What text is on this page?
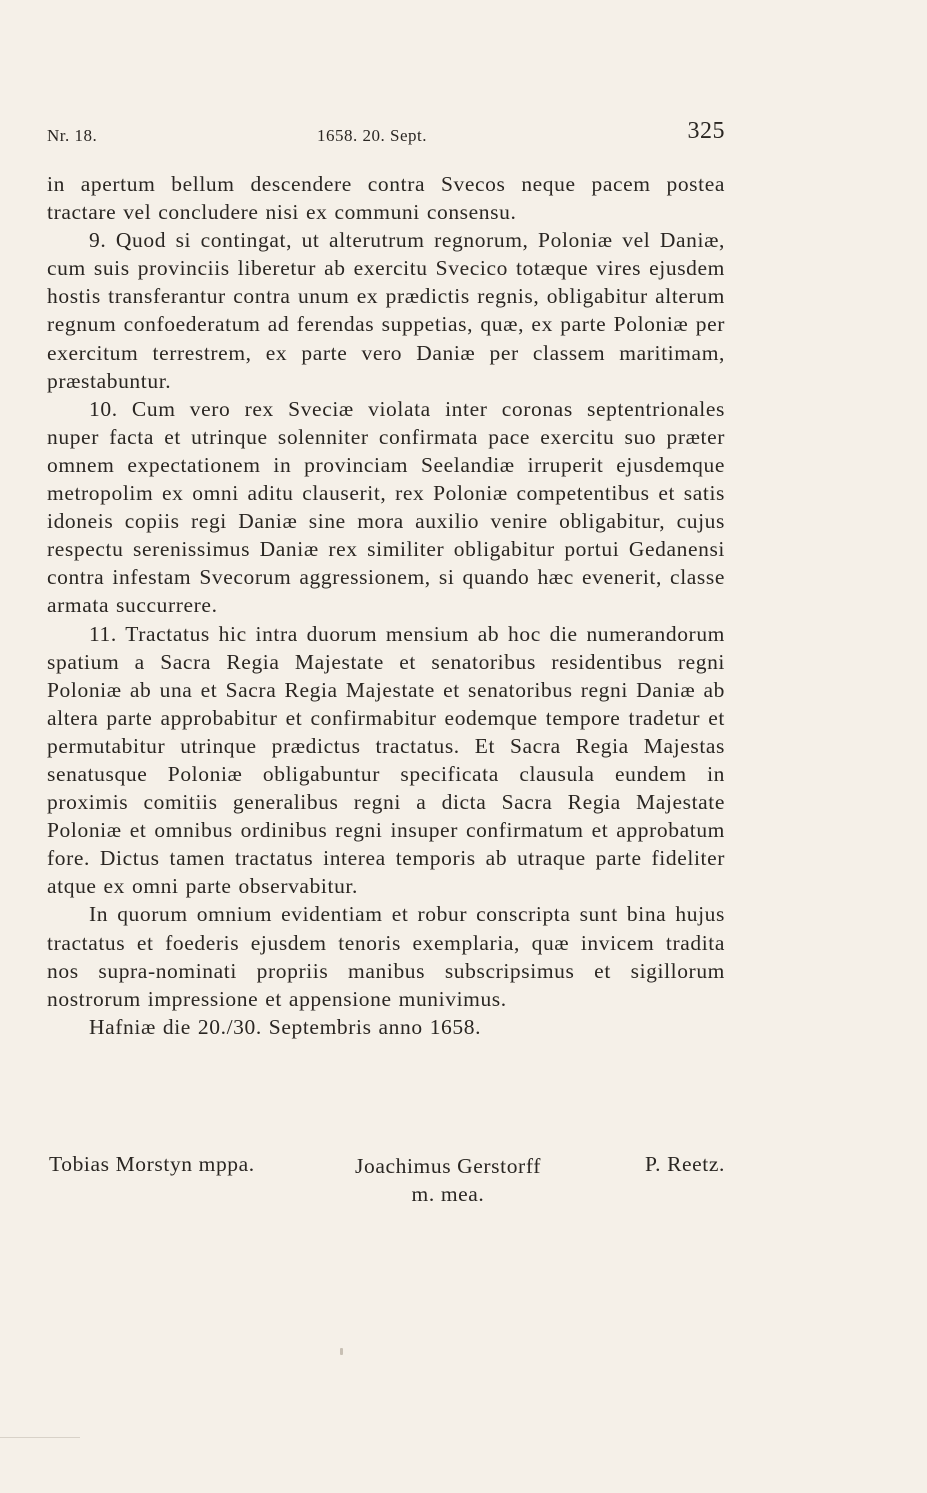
Nr. 18.	1658. 20. Sept.	325

in apertum bellum descendere contra Svecos neque pacem postea tractare vel concludere nisi ex communi consensu.

9. Quod si contingat, ut alterutrum regnorum, Poloniæ vel Daniæ, cum suis provinciis liberetur ab exercitu Svecico totæque vires ejusdem hostis transferantur contra unum ex prædictis regnis, obligabitur alterum regnum confoederatum ad ferendas suppetias, quæ, ex parte Poloniæ per exercitum terrestrem, ex parte vero Daniæ per classem maritimam, præstabuntur.

10. Cum vero rex Sveciæ violata inter coronas septentrionales nuper facta et utrinque solenniter confirmata pace exercitu suo præter omnem expectationem in provinciam Seelandiæ irruperit ejusdemque metropolim ex omni aditu clauserit, rex Poloniæ competentibus et satis idoneis copiis regi Daniæ sine mora auxilio venire obligabitur, cujus respectu serenissimus Daniæ rex similiter obligabitur portui Gedanensi contra infestam Svecorum aggressionem, si quando hæc evenerit, classe armata succurrere.

11. Tractatus hic intra duorum mensium ab hoc die numerandorum spatium a Sacra Regia Majestate et senatoribus residentibus regni Poloniæ ab una et Sacra Regia Majestate et senatoribus regni Daniæ ab altera parte approbabitur et confirmabitur eodemque tempore tradetur et permutabitur utrinque prædictus tractatus. Et Sacra Regia Majestas senatusque Poloniæ obligabuntur specificata clausula eundem in proximis comitiis generalibus regni a dicta Sacra Regia Majestate Poloniæ et omnibus ordinibus regni insuper confirmatum et approbatum fore. Dictus tamen tractatus interea temporis ab utraque parte fideliter atque ex omni parte observabitur.

In quorum omnium evidentiam et robur conscripta sunt bina hujus tractatus et foederis ejusdem tenoris exemplaria, quæ invicem tradita nos supra-nominati propriis manibus subscripsimus et sigillorum nostrorum impressione et appensione munivimus.

Hafniæ die 20./30. Septembris anno 1658.

Tobias Morstyn mppa.	Joachimus Gerstorff
m. mea.
P. Reetz.
